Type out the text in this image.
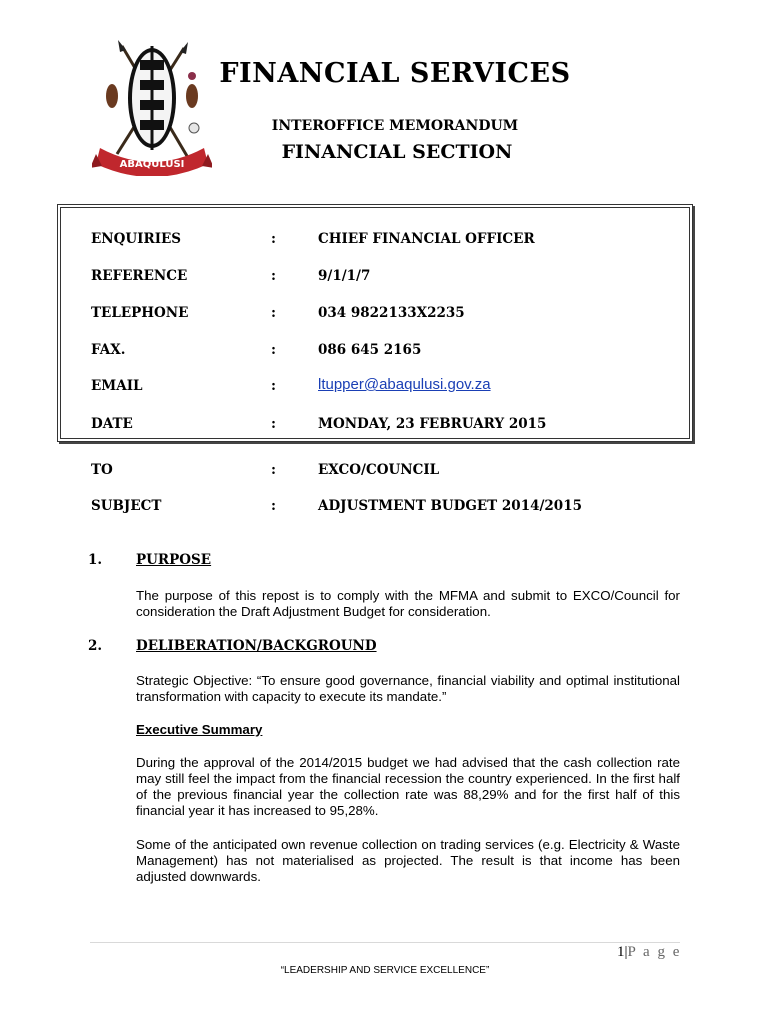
ABAQULUSI
FINANCIAL SERVICES
INTEROFFICE MEMORANDUM
FINANCIAL SECTION
ENQUIRIES	:	CHIEF FINANCIAL OFFICER
REFERENCE	:	9/1/1/7
TELEPHONE	:	034 9822133X2235
FAX.	:	086 645 2165
EMAIL	:	ltupper@abaqulusi.gov.za
DATE	:	MONDAY, 23 FEBRUARY 2015
TO	:	EXCO/COUNCIL
SUBJECT	:	ADJUSTMENT BUDGET 2014/2015
1.	PURPOSE
The purpose of this repost is to comply with the MFMA and submit to EXCO/Council for consideration the Draft Adjustment Budget for consideration.
2.	DELIBERATION/BACKGROUND
Strategic Objective: “To ensure good governance, financial viability and optimal institutional transformation with capacity to execute its mandate.”
Executive Summary
During the approval of the 2014/2015 budget we had advised that the cash collection rate may still feel the impact from the financial recession the country experienced. In the first half of the previous financial year the collection rate was 88,29% and for the first half of this financial year it has increased to 95,28%.
Some of the anticipated own revenue collection on trading services (e.g. Electricity & Waste Management) has not materialised as projected. The result is that income has been adjusted downwards.
1|P a g e
“LEADERSHIP AND SERVICE EXCELLENCE”
